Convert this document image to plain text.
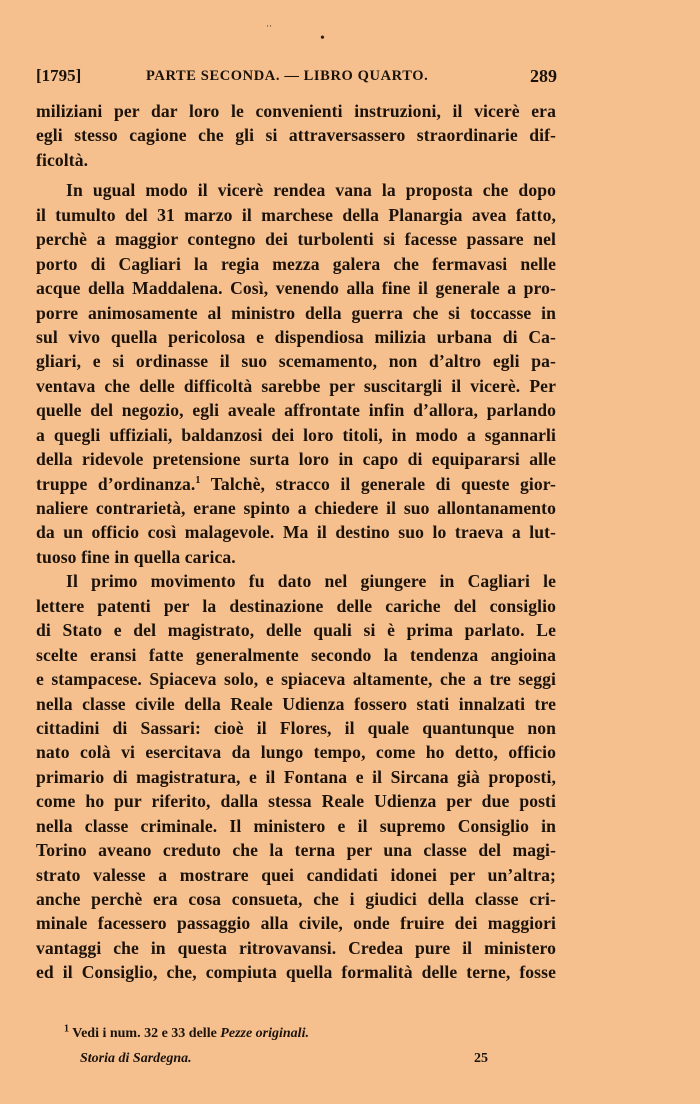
··
•
[1795]	PARTE SECONDA. — LIBRO QUARTO.	289
miliziani per dar loro le convenienti instruzioni, il vicerè era
egli stesso cagione che gli si attraversassero straordinarie dif-
ficoltà.
In ugual modo il vicerè rendea vana la proposta che dopo
il tumulto del 31 marzo il marchese della Planargia avea fatto,
perchè a maggior contegno dei turbolenti si facesse passare nel
porto di Cagliari la regia mezza galera che fermavasi nelle
acque della Maddalena. Così, venendo alla fine il generale a pro-
porre animosamente al ministro della guerra che si toccasse in
sul vivo quella pericolosa e dispendiosa milizia urbana di Ca-
gliari, e si ordinasse il suo scemamento, non d’altro egli pa-
ventava che delle difficoltà sarebbe per suscitargli il vicerè. Per
quelle del negozio, egli aveale affrontate infin d’allora, parlando
a quegli uffiziali, baldanzosi dei loro titoli, in modo a sgannarli
della ridevole pretensione surta loro in capo di equipararsi alle
truppe d’ordinanza.$^1$ Talchè, stracco il generale di queste gior-
naliere contrarietà, erane spinto a chiedere il suo allontanamento
da un officio così malagevole. Ma il destino suo lo traeva a lut-
tuoso fine in quella carica.
Il primo movimento fu dato nel giungere in Cagliari le
lettere patenti per la destinazione delle cariche del consiglio
di Stato e del magistrato, delle quali si è prima parlato. Le
scelte eransi fatte generalmente secondo la tendenza angioina
e stampacese. Spiaceva solo, e spiaceva altamente, che a tre seggi
nella classe civile della Reale Udienza fossero stati innalzati tre
cittadini di Sassari: cioè il Flores, il quale quantunque non
nato colà vi esercitava da lungo tempo, come ho detto, officio
primario di magistratura, e il Fontana e il Sircana già proposti,
come ho pur riferito, dalla stessa Reale Udienza per due posti
nella classe criminale. Il ministero e il supremo Consiglio in
Torino aveano creduto che la terna per una classe del magi-
strato valesse a mostrare quei candidati idonei per un’altra;
anche perchè era cosa consueta, che i giudici della classe cri-
minale facessero passaggio alla civile, onde fruire dei maggiori
vantaggi che in questa ritrovavansi. Credea pure il ministero
ed il Consiglio, che, compiuta quella formalità delle terne, fosse
$^1$ Vedi i num. 32 e 33 delle Pezze originali.
Storia di Sardegna.	25
